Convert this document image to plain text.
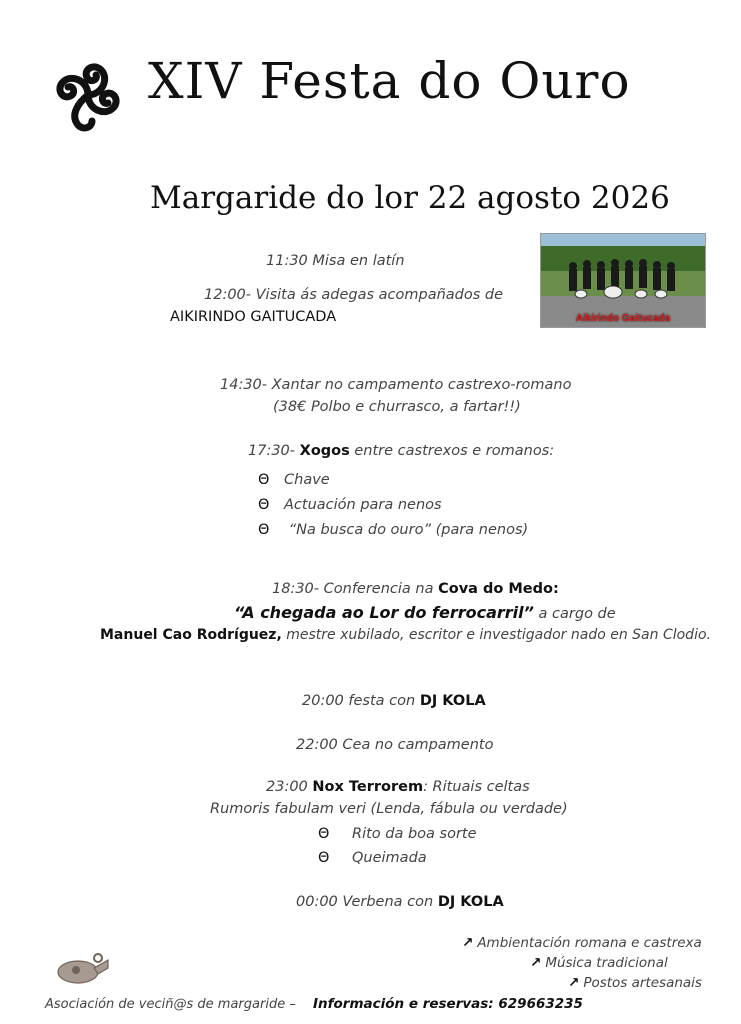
XIV Festa do Ouro
Margaride do lor 22 agosto 2026
Aikirindo Gaitucada
11:30 Misa en latín
12:00- Visita ás adegas acompañados de
AIKIRINDO GAITUCADA
14:30- Xantar no campamento castrexo-romano
(38€ Polbo e churrasco, a fartar!!)
17:30- Xogos entre castrexos e romanos:
Θ Chave
Θ Actuación para nenos
Θ “Na busca do ouro” (para nenos)
18:30- Conferencia na Cova do Medo:
“A chegada ao Lor do ferrocarril” a cargo de
Manuel Cao Rodríguez, mestre xubilado, escritor e investigador nado en San Clodio.
20:00 festa con DJ KOLA
22:00 Cea no campamento
23:00 Nox Terrorem: Rituais celtas
Rumoris fabulam veri (Lenda, fábula ou verdade)
Θ Rito da boa sorte
Θ Queimada
00:00 Verbena con DJ KOLA
↗ Ambientación romana e castrexa
↗ Música tradicional
↗ Postos artesanais
Asociación de veciñ@s de margaride – Información e reservas: 629663235
